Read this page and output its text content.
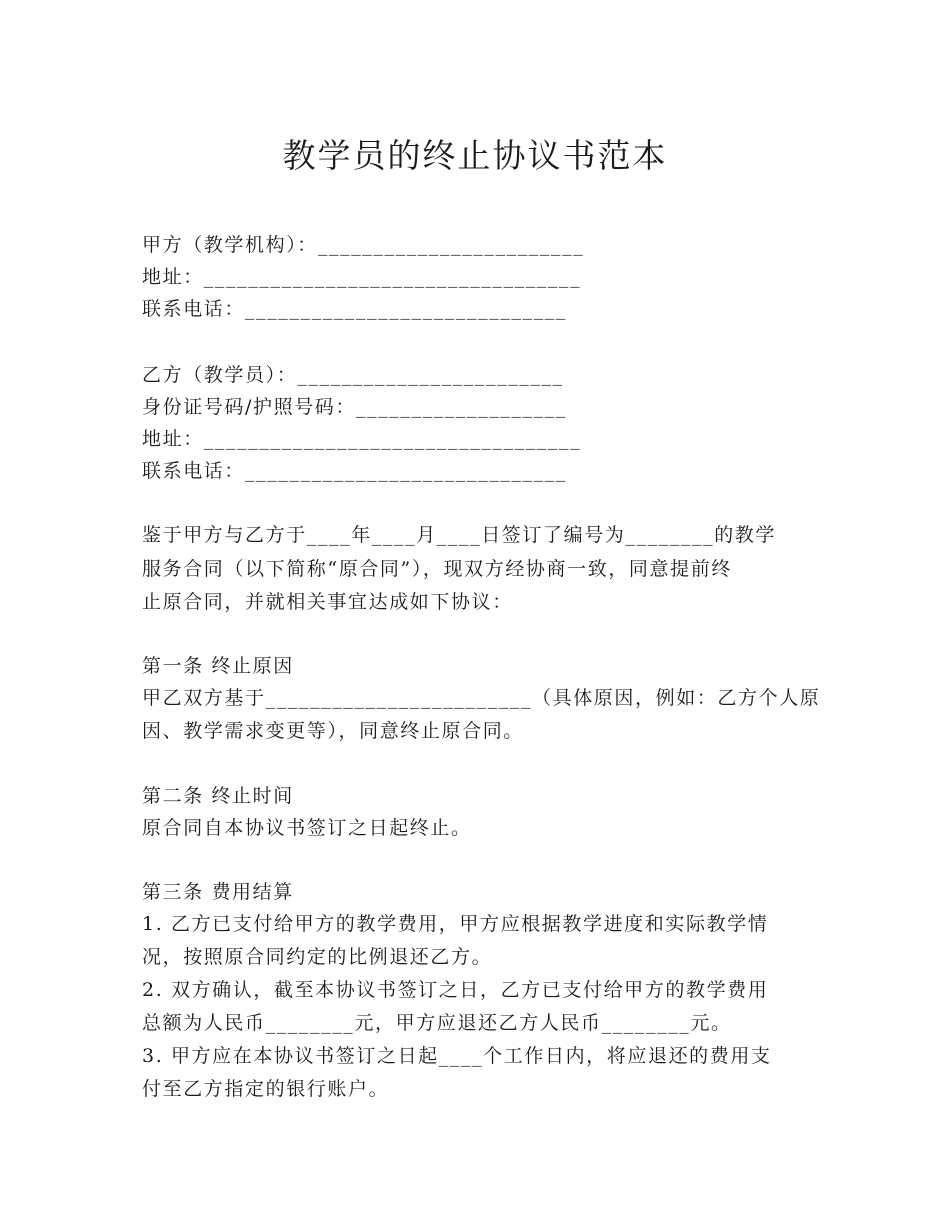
教学员的终止协议书范本
甲方（教学机构）：________________________
地址：__________________________________
联系电话：_____________________________
乙方（教学员）：________________________
身份证号码/护照号码：___________________
地址：__________________________________
联系电话：_____________________________
鉴于甲方与乙方于____年____月____日签订了编号为________的教学
服务合同（以下简称“原合同”），现双方经协商一致，同意提前终
止原合同，并就相关事宜达成如下协议：
第一条 终止原因
甲乙双方基于________________________（具体原因，例如：乙方个人原
因、教学需求变更等），同意终止原合同。
第二条 终止时间
原合同自本协议书签订之日起终止。
第三条 费用结算
1. 乙方已支付给甲方的教学费用，甲方应根据教学进度和实际教学情
况，按照原合同约定的比例退还乙方。
2. 双方确认，截至本协议书签订之日，乙方已支付给甲方的教学费用
总额为人民币________元，甲方应退还乙方人民币________元。
3. 甲方应在本协议书签订之日起____个工作日内，将应退还的费用支
付至乙方指定的银行账户。
